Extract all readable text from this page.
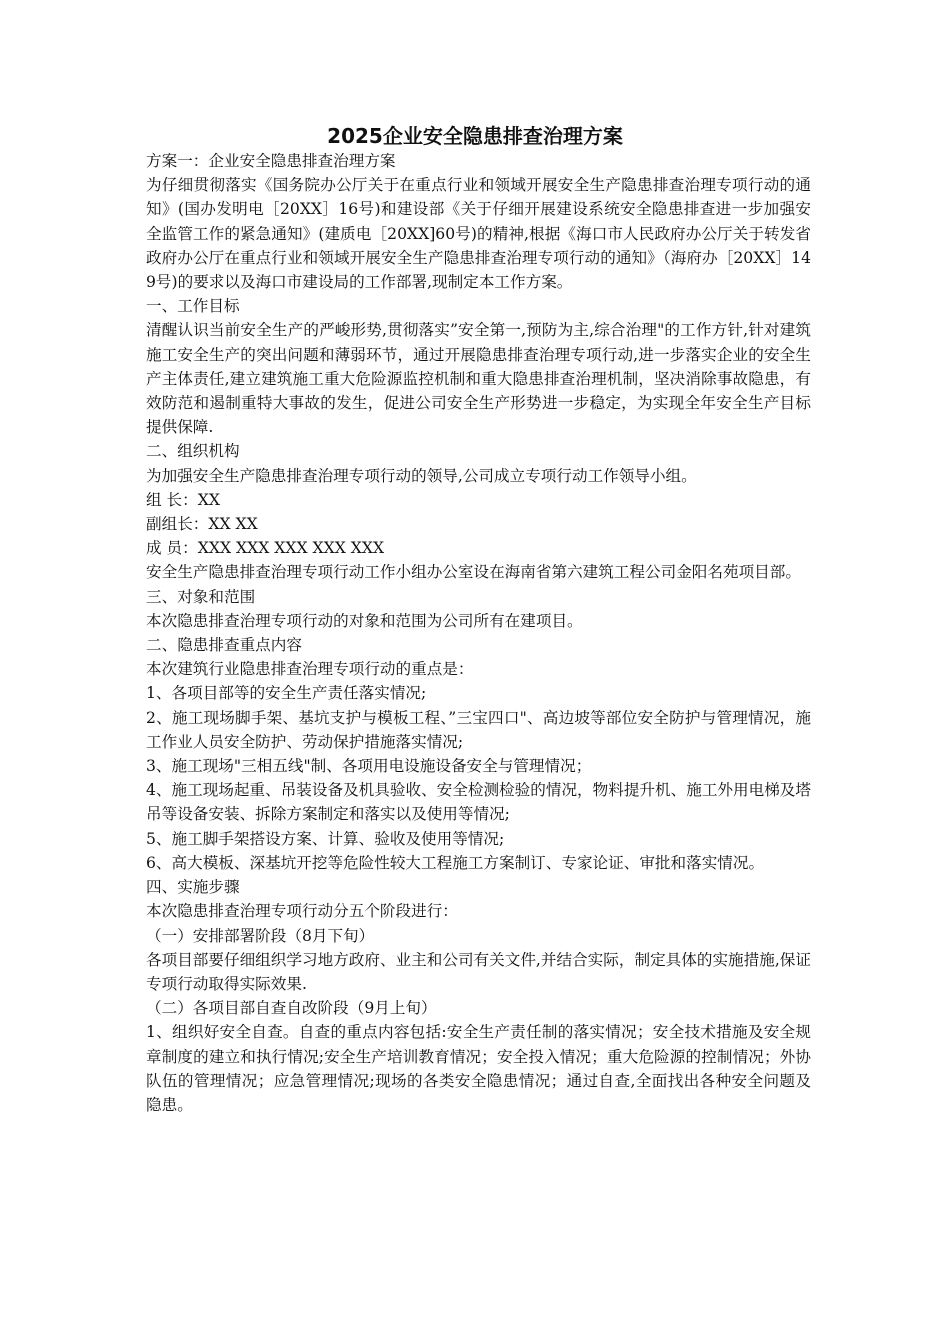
2025企业安全隐患排查治理方案

方案一：企业安全隐患排查治理方案

为仔细贯彻落实《国务院办公厅关于在重点行业和领域开展安全生产隐患排查治理专项行动的通知》(国办发明电［20XX］16号)和建设部《关于仔细开展建设系统安全隐患排查进一步加强安全监管工作的紧急通知》(建质电［20XX]60号)的精神,根据《海口市人民政府办公厅关于转发省政府办公厅在重点行业和领域开展安全生产隐患排查治理专项行动的通知》（海府办［20XX］149号)的要求以及海口市建设局的工作部署,现制定本工作方案。

一、工作目标

清醒认识当前安全生产的严峻形势,贯彻落实”安全第一,预防为主,综合治理"的工作方针,针对建筑施工安全生产的突出问题和薄弱环节，通过开展隐患排查治理专项行动,进一步落实企业的安全生产主体责任,建立建筑施工重大危险源监控机制和重大隐患排查治理机制，坚决消除事故隐患，有效防范和遏制重特大事故的发生，促进公司安全生产形势进一步稳定，为实现全年安全生产目标提供保障.

二、组织机构

为加强安全生产隐患排查治理专项行动的领导,公司成立专项行动工作领导小组。

组 长：XX

副组长：XX XX

成 员：XXX XXX XXX XXX XXX

安全生产隐患排查治理专项行动工作小组办公室设在海南省第六建筑工程公司金阳名苑项目部。

三、对象和范围

本次隐患排查治理专项行动的对象和范围为公司所有在建项目。

二、隐患排查重点内容

本次建筑行业隐患排查治理专项行动的重点是：

1、各项目部等的安全生产责任落实情况;

2、施工现场脚手架、基坑支护与模板工程、”三宝四口"、高边坡等部位安全防护与管理情况，施工作业人员安全防护、劳动保护措施落实情况;

3、施工现场"三相五线"制、各项用电设施设备安全与管理情况；

4、施工现场起重、吊装设备及机具验收、安全检测检验的情况，物料提升机、施工外用电梯及塔吊等设备安装、拆除方案制定和落实以及使用等情况;

5、施工脚手架搭设方案、计算、验收及使用等情况;

6、高大模板、深基坑开挖等危险性较大工程施工方案制订、专家论证、审批和落实情况。

四、实施步骤

本次隐患排查治理专项行动分五个阶段进行：

（一）安排部署阶段（8月下旬）

各项目部要仔细组织学习地方政府、业主和公司有关文件,并结合实际，制定具体的实施措施,保证专项行动取得实际效果.

（二）各项目部自查自改阶段（9月上旬）

1、组织好安全自查。自查的重点内容包括:安全生产责任制的落实情况；安全技术措施及安全规章制度的建立和执行情况;安全生产培训教育情况；安全投入情况；重大危险源的控制情况；外协队伍的管理情况；应急管理情况;现场的各类安全隐患情况；通过自查,全面找出各种安全问题及隐患。
